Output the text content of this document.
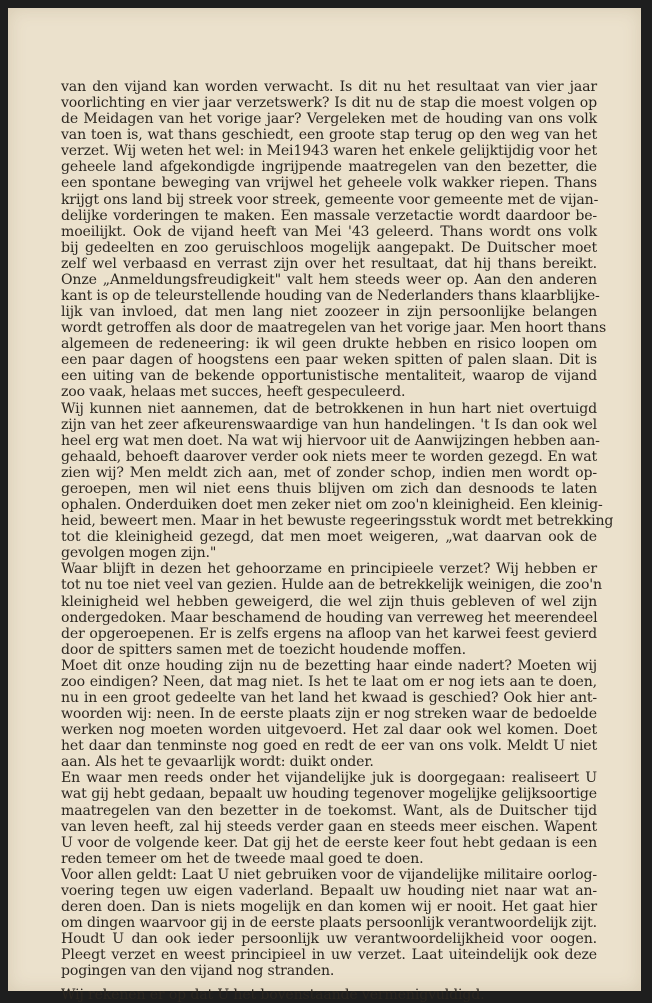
van den vijand kan worden verwacht. Is dit nu het resultaat van vier jaar
voorlichting en vier jaar verzetswerk? Is dit nu de stap die moest volgen op
de Meidagen van het vorige jaar? Vergeleken met de houding van ons volk
van toen is, wat thans geschiedt, een groote stap terug op den weg van het
verzet. Wij weten het wel: in Mei1943 waren het enkele gelijktijdig voor het
geheele land afgekondigde ingrijpende maatregelen van den bezetter, die
een spontane beweging van vrijwel het geheele volk wakker riepen. Thans
krijgt ons land bij streek voor streek, gemeente voor gemeente met de vijan-
delijke vorderingen te maken. Een massale verzetactie wordt daardoor be-
moeilijkt. Ook de vijand heeft van Mei '43 geleerd. Thans wordt ons volk
bij gedeelten en zoo geruischloos mogelijk aangepakt. De Duitscher moet
zelf wel verbaasd en verrast zijn over het resultaat, dat hij thans bereikt.
Onze „Anmeldungsfreudigkeit" valt hem steeds weer op. Aan den anderen
kant is op de teleurstellende houding van de Nederlanders thans klaarblijke-
lijk van invloed, dat men lang niet zoozeer in zijn persoonlijke belangen
wordt getroffen als door de maatregelen van het vorige jaar. Men hoort thans
algemeen de redeneering: ik wil geen drukte hebben en risico loopen om
een paar dagen of hoogstens een paar weken spitten of palen slaan. Dit is
een uiting van de bekende opportunistische mentaliteit, waarop de vijand
zoo vaak, helaas met succes, heeft gespeculeerd.
Wij kunnen niet aannemen, dat de betrokkenen in hun hart niet overtuigd
zijn van het zeer afkeurenswaardige van hun handelingen. 't Is dan ook wel
heel erg wat men doet. Na wat wij hiervoor uit de Aanwijzingen hebben aan-
gehaald, behoeft daarover verder ook niets meer te worden gezegd. En wat
zien wij? Men meldt zich aan, met of zonder schop, indien men wordt op-
geroepen, men wil niet eens thuis blijven om zich dan desnoods te laten
ophalen. Onderduiken doet men zeker niet om zoo'n kleinigheid. Een kleinig-
heid, beweert men. Maar in het bewuste regeeringsstuk wordt met betrekking
tot die kleinigheid gezegd, dat men moet weigeren, „wat daarvan ook de
gevolgen mogen zijn."
Waar blijft in dezen het gehoorzame en principieele verzet? Wij hebben er
tot nu toe niet veel van gezien. Hulde aan de betrekkelijk weinigen, die zoo'n
kleinigheid wel hebben geweigerd, die wel zijn thuis gebleven of wel zijn
ondergedoken. Maar beschamend de houding van verreweg het meerendeel
der opgeroepenen. Er is zelfs ergens na afloop van het karwei feest gevierd
door de spitters samen met de toezicht houdende moffen.
Moet dit onze houding zijn nu de bezetting haar einde nadert? Moeten wij
zoo eindigen? Neen, dat mag niet. Is het te laat om er nog iets aan te doen,
nu in een groot gedeelte van het land het kwaad is geschied? Ook hier ant-
woorden wij: neen. In de eerste plaats zijn er nog streken waar de bedoelde
werken nog moeten worden uitgevoerd. Het zal daar ook wel komen. Doet
het daar dan tenminste nog goed en redt de eer van ons volk. Meldt U niet
aan. Als het te gevaarlijk wordt: duikt onder.
En waar men reeds onder het vijandelijke juk is doorgegaan: realiseert U
wat gij hebt gedaan, bepaalt uw houding tegenover mogelijke gelijksoortige
maatregelen van den bezetter in de toekomst. Want, als de Duitscher tijd
van leven heeft, zal hij steeds verder gaan en steeds meer eischen. Wapent
U voor de volgende keer. Dat gij het de eerste keer fout hebt gedaan is een
reden temeer om het de tweede maal goed te doen.
Voor allen geldt: Laat U niet gebruiken voor de vijandelijke militaire oorlog-
voering tegen uw eigen vaderland. Bepaalt uw houding niet naar wat an-
deren doen. Dan is niets mogelijk en dan komen wij er nooit. Het gaat hier
om dingen waarvoor gij in de eerste plaats persoonlijk verantwoordelijk zijt.
Houdt U dan ook ieder persoonlijk uw verantwoordelijkheid voor oogen.
Pleegt verzet en weest principieel in uw verzet. Laat uiteindelijk ook deze
pogingen van den vijand nog stranden.
Wij rekenen er op dat U het bovenstaande vermenigvuldigd.
